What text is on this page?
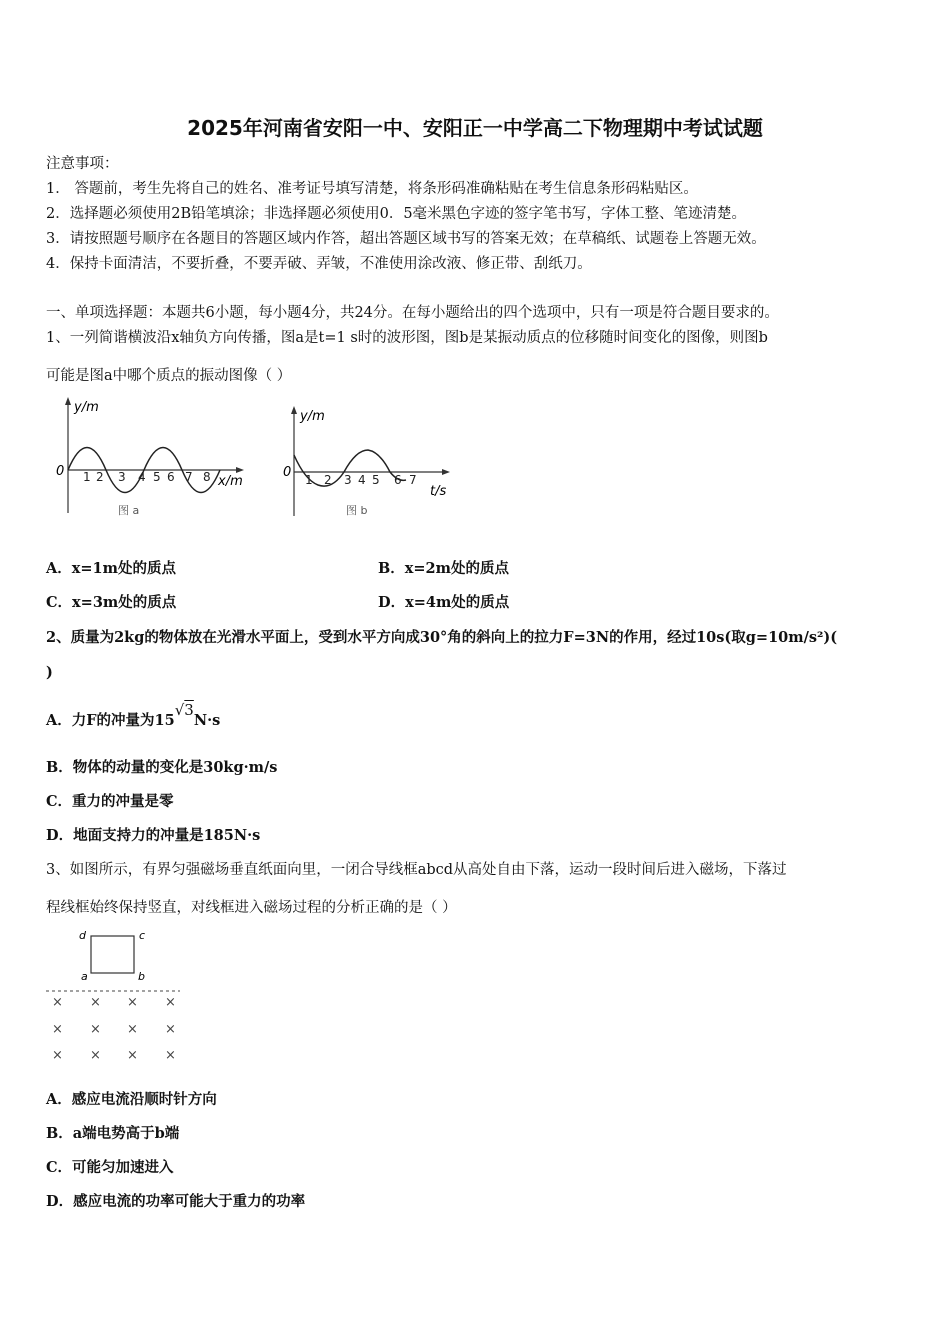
2025年河南省安阳一中、安阳正一中学高二下物理期中考试试题
注意事项：
1． 答题前，考生先将自己的姓名、准考证号填写清楚，将条形码准确粘贴在考生信息条形码粘贴区。
2．选择题必须使用2B铅笔填涂；非选择题必须使用0．5毫米黑色字迹的签字笔书写，字体工整、笔迹清楚。
3．请按照题号顺序在各题目的答题区域内作答，超出答题区域书写的答案无效；在草稿纸、试题卷上答题无效。
4．保持卡面清洁，不要折叠，不要弄破、弄皱，不准使用涂改液、修正带、刮纸刀。
一、单项选择题：本题共6小题，每小题4分，共24分。在每小题给出的四个选项中，只有一项是符合题目要求的。
1、一列简谐横波沿x轴负方向传播，图a是t=1 s时的波形图，图b是某振动质点的位移随时间变化的图像，则图b
可能是图a中哪个质点的振动图像（ ）
y/m
x/m
0 1 2 3 4 5 6 7 8
图 a
y/m
t/s
0 1 2 3 4 5 6 7
图 b
A．x=1m处的质点	B．x=2m处的质点
C．x=3m处的质点	D．x=4m处的质点
2、质量为2kg的物体放在光滑水平面上，受到水平方向成30°角的斜向上的拉力F=3N的作用，经过10s(取g=10m/s²)(
)
A．力F的冲量为15√3N·s
B．物体的动量的变化是30kg·m/s
C．重力的冲量是零
D．地面支持力的冲量是185N·s
3、如图所示，有界匀强磁场垂直纸面向里，一闭合导线框abcd从高处自由下落，运动一段时间后进入磁场，下落过
程线框始终保持竖直，对线框进入磁场过程的分析正确的是（ ）
d	c
a	b
× × × ×
× × × ×
× × × ×
A．感应电流沿顺时针方向
B．a端电势高于b端
C．可能匀加速进入
D．感应电流的功率可能大于重力的功率
